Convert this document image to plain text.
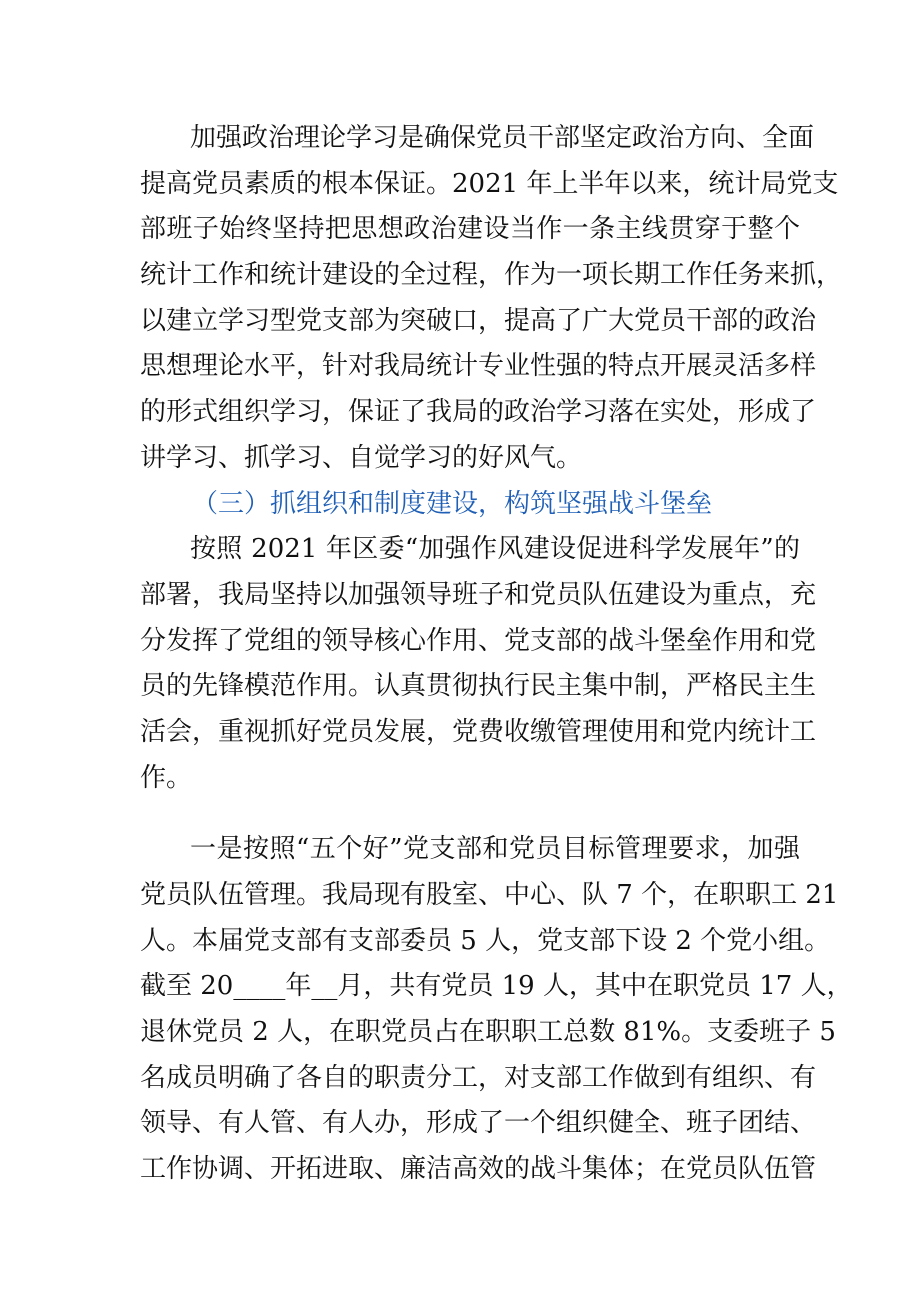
加强政治理论学习是确保党员干部坚定政治方向、全面
提高党员素质的根本保证。2021 年上半年以来，统计局党支
部班子始终坚持把思想政治建设当作一条主线贯穿于整个
统计工作和统计建设的全过程，作为一项长期工作任务来抓，
以建立学习型党支部为突破口，提高了广大党员干部的政治
思想理论水平，针对我局统计专业性强的特点开展灵活多样
的形式组织学习，保证了我局的政治学习落在实处，形成了
讲学习、抓学习、自觉学习的好风气。
（三）抓组织和制度建设，构筑坚强战斗堡垒
按照 2021 年区委“加强作风建设促进科学发展年”的
部署，我局坚持以加强领导班子和党员队伍建设为重点，充
分发挥了党组的领导核心作用、党支部的战斗堡垒作用和党
员的先锋模范作用。认真贯彻执行民主集中制，严格民主生
活会，重视抓好党员发展，党费收缴管理使用和党内统计工
作。
一是按照“五个好”党支部和党员目标管理要求，加强
党员队伍管理。我局现有股室、中心、队 7 个，在职职工 21
人。本届党支部有支部委员 5 人，党支部下设 2 个党小组。
截至 20____年__月，共有党员 19 人，其中在职党员 17 人，
退休党员 2 人，在职党员占在职职工总数 81%。支委班子 5
名成员明确了各自的职责分工，对支部工作做到有组织、有
领导、有人管、有人办，形成了一个组织健全、班子团结、
工作协调、开拓进取、廉洁高效的战斗集体；在党员队伍管
